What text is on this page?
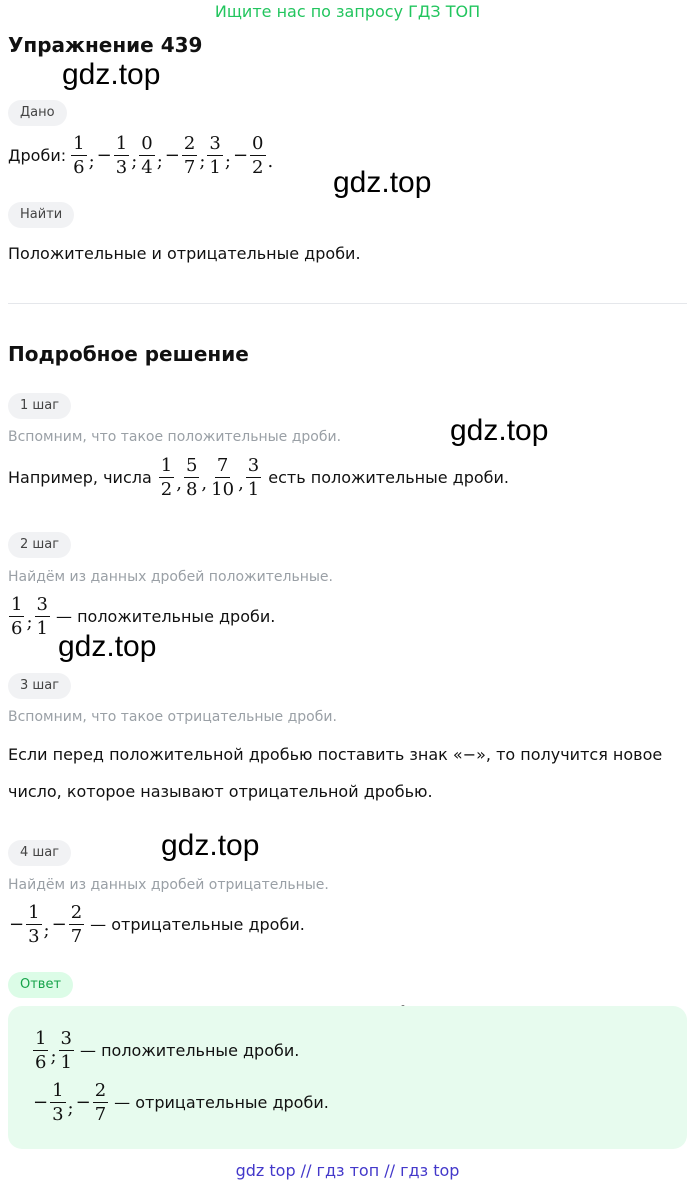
Ищите нас по запросу ГДЗ ТОП
Упражнение 439
gdz.top
gdz.top
gdz.top
gdz.top
gdz.top
Дано
Дроби: $\frac{1}{6}$ ; − $\frac{1}{3}$ ; $\frac{0}{4}$ ; − $\frac{2}{7}$ ; $\frac{3}{1}$ ; − $\frac{0}{2}$ .
Найти
Положительные и отрицательные дроби.
Подробное решение
1 шаг
Вспомним, что такое положительные дроби.
Например, числа $\frac{1}{2}$ , $\frac{5}{8}$ , $\frac{7}{10}$ , $\frac{3}{1}$ есть положительные дроби.
2 шаг
Найдём из данных дробей положительные.
$\frac{1}{6}$ ; $\frac{3}{1}$ — положительные дроби.
3 шаг
Вспомним, что такое отрицательные дроби.
Если перед положительной дробью поставить знак «−», то получится новое
число, которое называют отрицательной дробью.
4 шаг
Найдём из данных дробей отрицательные.
− $\frac{1}{3}$ ; − $\frac{2}{7}$ — отрицательные дроби.
Ответ
$\frac{1}{6}$ ; $\frac{3}{1}$ — положительные дроби.
− $\frac{1}{3}$ ; − $\frac{2}{7}$ — отрицательные дроби.
gdz top // гдз топ // гдз top
